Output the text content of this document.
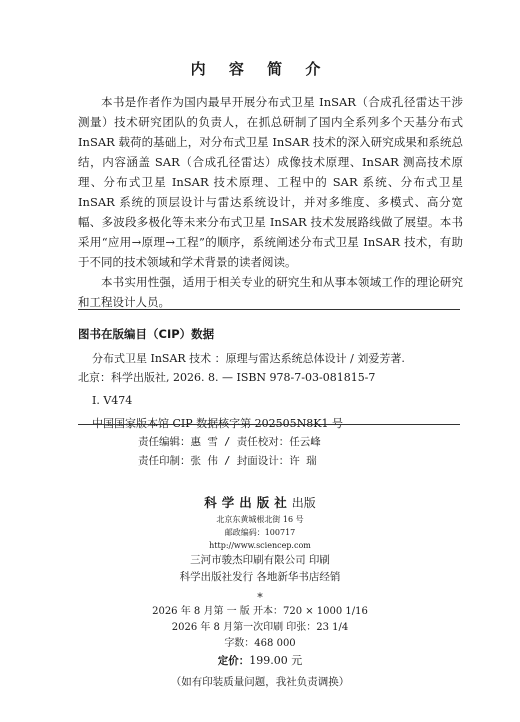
内 容 简 介

本书是作者作为国内最早开展分布式卫星 InSAR（合成孔径雷达干涉测量）技术研究团队的负责人，在抓总研制了国内全系列多个天基分布式 InSAR 载荷的基础上，对分布式卫星 InSAR 技术的深入研究成果和系统总结，内容涵盖 SAR（合成孔径雷达）成像技术原理、InSAR 测高技术原理、分布式卫星 InSAR 技术原理、工程中的 SAR 系统、分布式卫星 InSAR 系统的顶层设计与雷达系统设计，并对多维度、多模式、高分宽幅、多波段多极化等未来分布式卫星 InSAR 技术发展路线做了展望。本书采用“应用→原理→工程”的顺序，系统阐述分布式卫星 InSAR 技术，有助于不同的技术领域和学术背景的读者阅读。

本书实用性强，适用于相关专业的研究生和从事本领域工作的理论研究和工程设计人员。

图书在版编目（CIP）数据
分布式卫星 InSAR 技术 ：原理与雷达系统总体设计 / 刘爱芳著.
北京：科学出版社, 2026. 8. — ISBN 978-7-03-081815-7
Ⅰ. V474
中国国家版本馆 CIP 数据核字第 202505N8K1 号
责任编辑：惠 雪 / 责任校对：任云峰
责任印制：张 伟 / 封面设计：许 瑞
科学出版社出版
北京东黄城根北街 16 号
邮政编码：100717
http://www.sciencep.com
三河市骏杰印刷有限公司 印刷
科学出版社发行 各地新华书店经销
*
2026 年 8 月第 一 版 开本：720 × 1000 1/16
2026 年 8 月第一次印刷 印张：23 1/4
字数：468 000
定价：199.00 元
（如有印装质量问题，我社负责调换）
